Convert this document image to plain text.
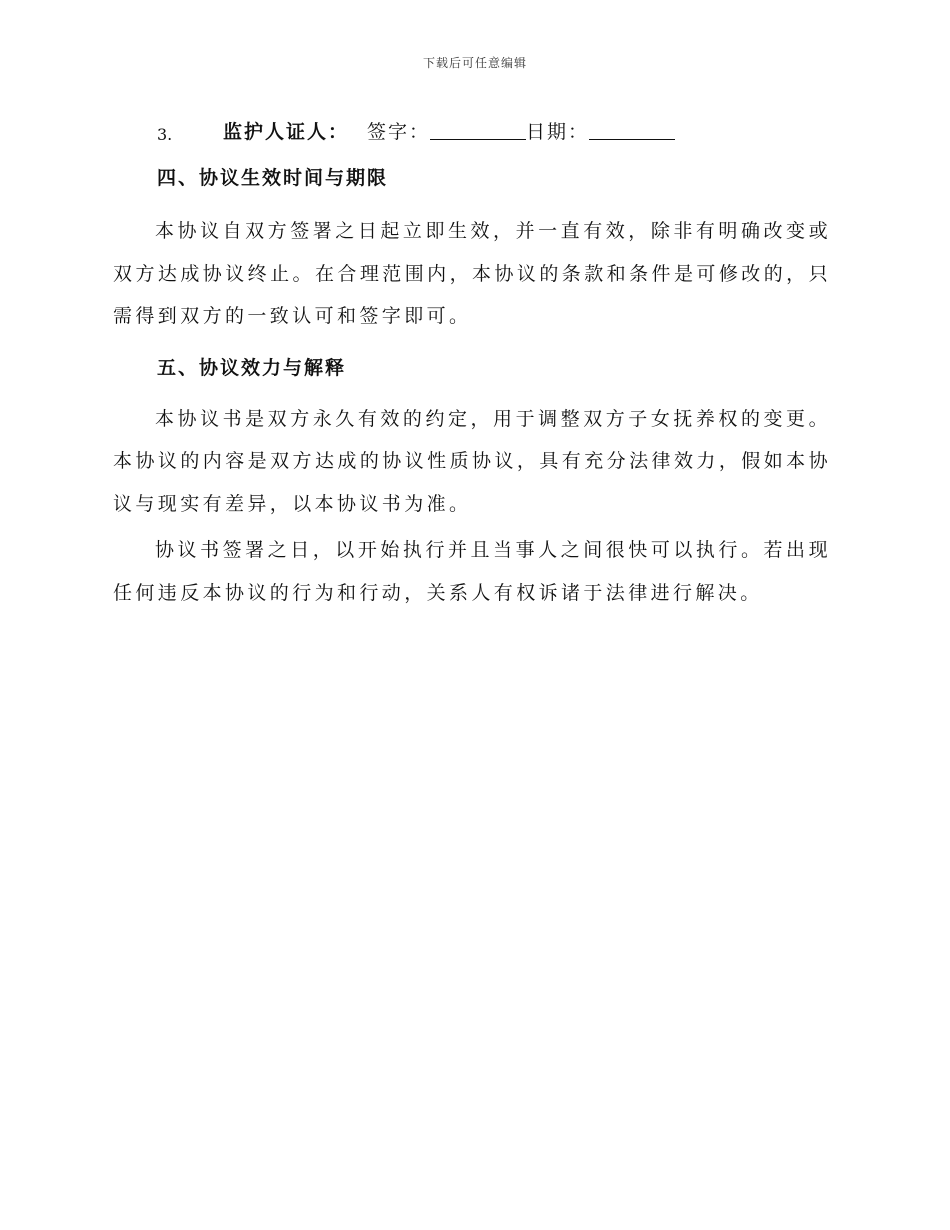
下载后可任意编辑
3.	监护人证人： 签字：	日期：
四、协议生效时间与期限

本协议自双方签署之日起立即生效，并一直有效，除非有明确改变或双方达成协议终止。在合理范围内，本协议的条款和条件是可修改的，只需得到双方的一致认可和签字即可。

五、协议效力与解释

本协议书是双方永久有效的约定，用于调整双方子女抚养权的变更。本协议的内容是双方达成的协议性质协议，具有充分法律效力，假如本协议与现实有差异，以本协议书为准。

协议书签署之日，以开始执行并且当事人之间很快可以执行。若出现任何违反本协议的行为和行动，关系人有权诉诸于法律进行解决。
